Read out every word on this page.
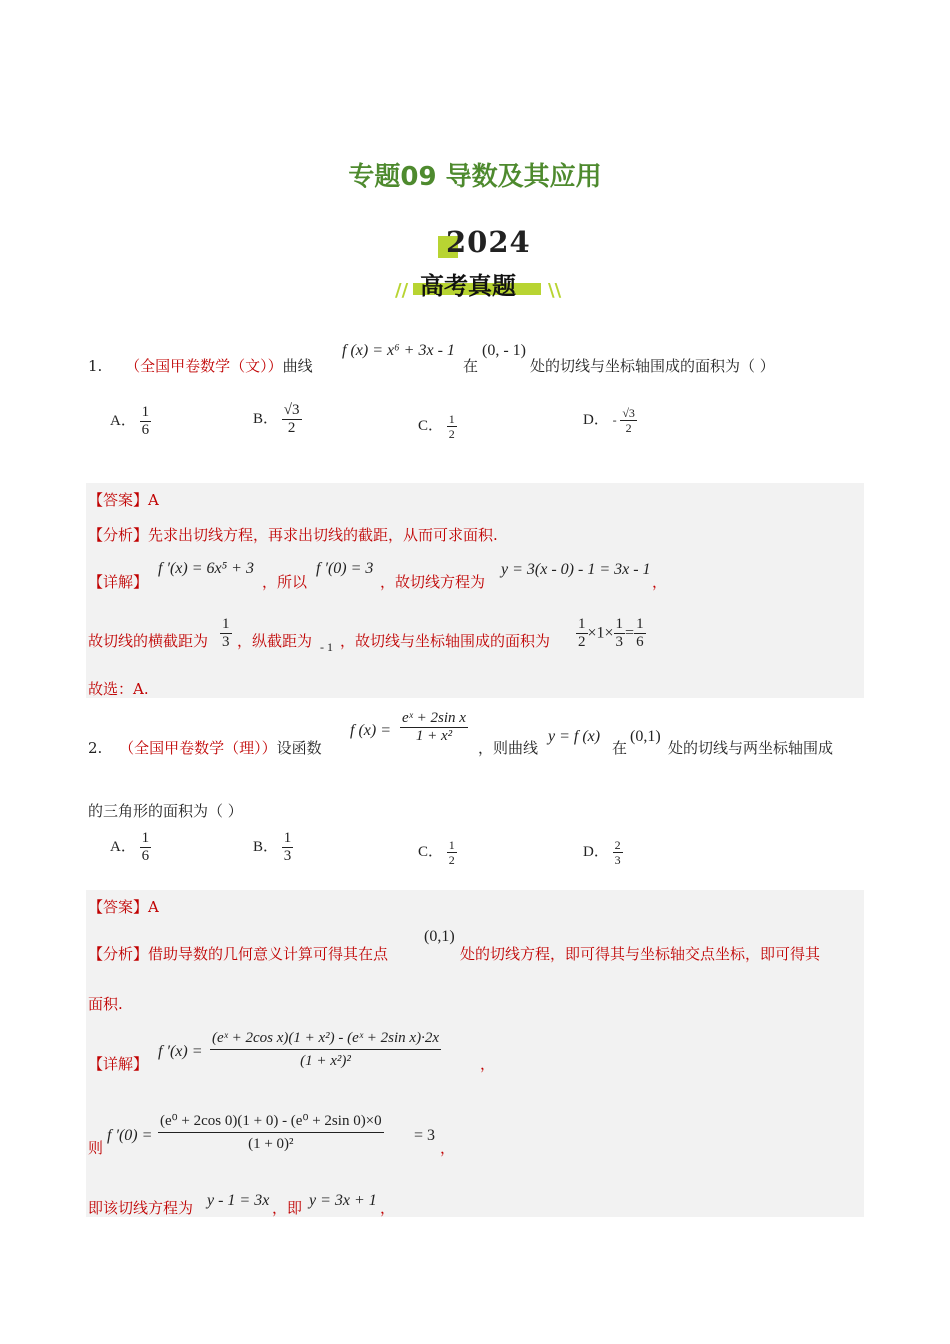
专题09 导数及其应用
2024
// 高考真题 \\
1. （全国甲卷数学（文））曲线
f (x) = x⁶ + 3x - 1
在
(0, - 1)
处的切线与坐标轴围成的面积为（ ）
A． $\frac{1}{6}$	B． $\frac{√3}{2}$	C． $\frac{1}{2}$	D． - $\frac{√3}{2}$
【答案】A
【分析】先求出切线方程，再求出切线的截距，从而可求面积.
【详解】
f ′(x) = 6x⁵ + 3
，所以
f ′(0) = 3
，故切线方程为
y = 3(x - 0) - 1 = 3x - 1
，
故切线的横截距为 $\frac{1}{3}$ ，纵截距为 - 1 ，故切线与坐标轴围成的面积为 $\frac{1}{2} \times 1\times \frac{1}{3} = \frac{1}{6}$
故选：A.
2. （全国甲卷数学（理））设函数
f $(x) = \frac{\text{eˣ + 2sin x}}{\text{1 + x²}}$
，则曲线
y = f (x)
在
(0,1)
处的切线与两坐标轴围成
的三角形的面积为（ ）
A． $\frac{1}{6}$	B． $\frac{1}{3}$	C． $\frac{1}{2}$	D． $\frac{2}{3}$
【答案】A
【分析】借助导数的几何意义计算可得其在点
(0,1)
处的切线方程，即可得其与坐标轴交点坐标，即可得其
面积.
【详解】
f $'(x) = \frac{\text{(eˣ + 2cos x)(1 + x²) - (eˣ + 2sin x)·2x}}{\text{(1 + x²)²}}$	，
则
f $'(0) = \frac{\text{(e⁰ + 2cos 0)(1 + 0) - (e⁰ + 2sin 0)×0}}{\text{(1 + 0)²}} = 3$
，
即该切线方程为 y - 1 = 3x ，即 y = 3x + 1 ，
